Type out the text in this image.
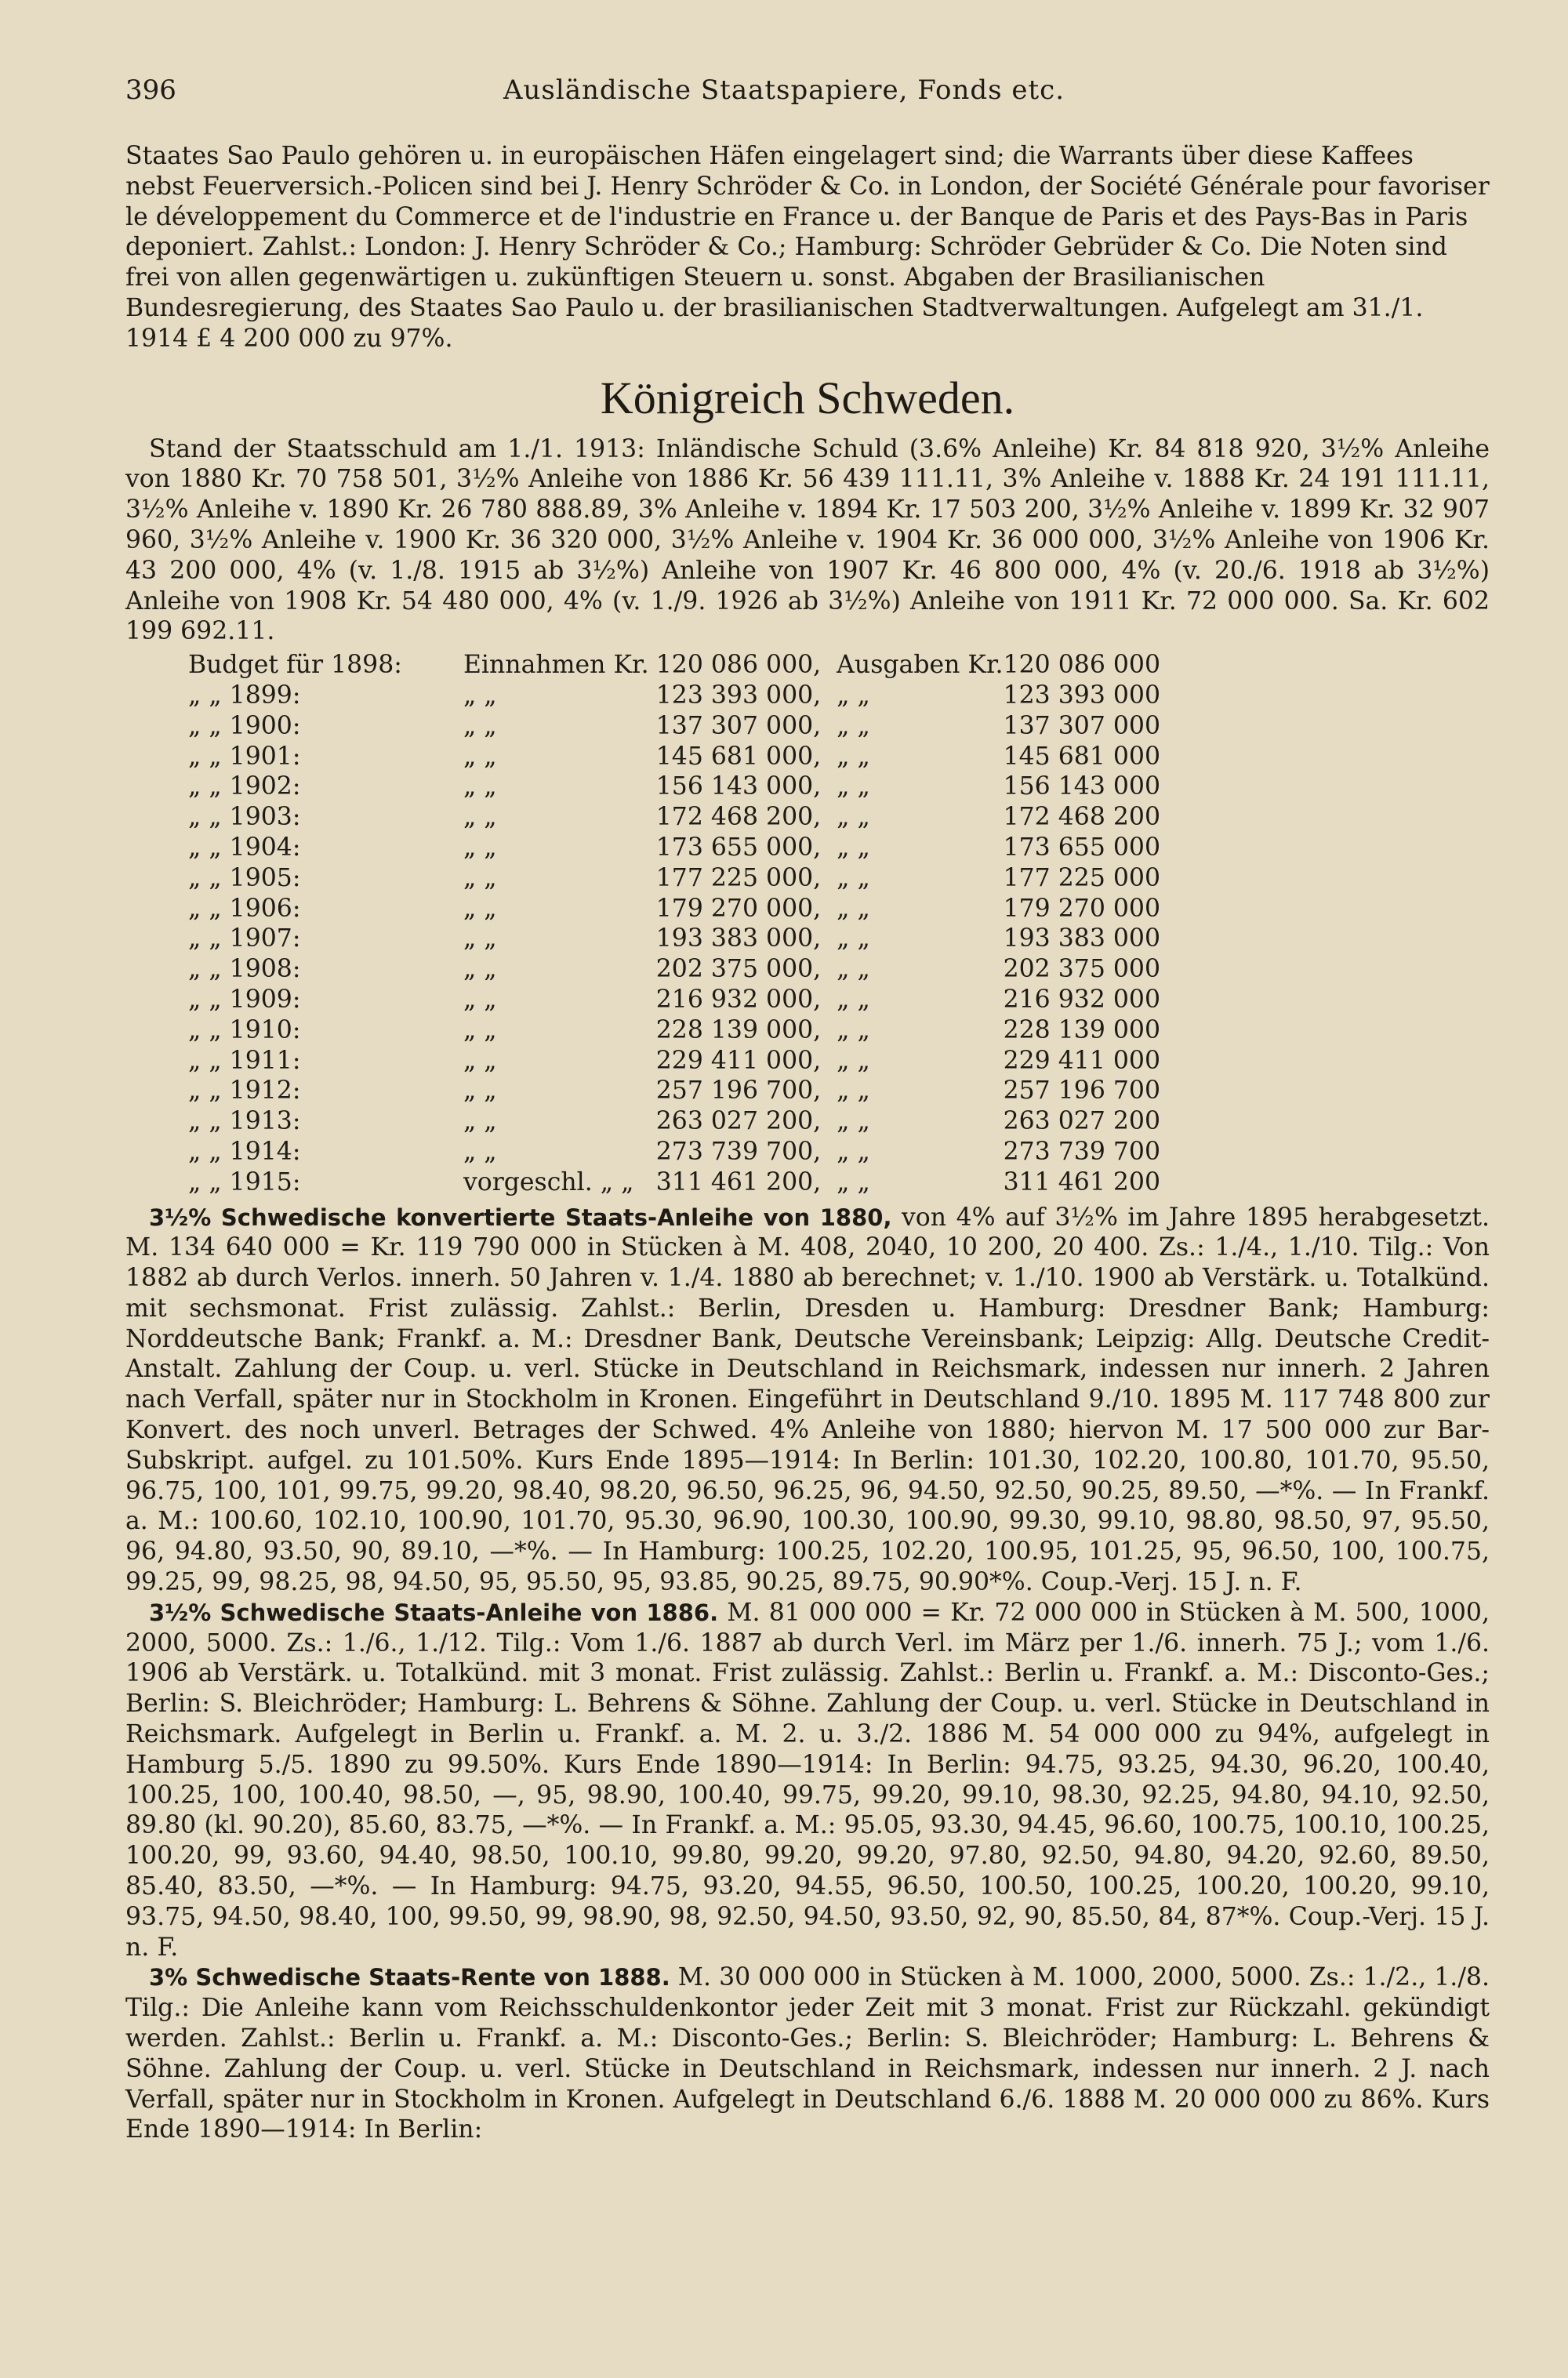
396	Ausländische Staatspapiere, Fonds etc.

Staates Sao Paulo gehören u. in europäischen Häfen eingelagert sind; die Warrants über diese Kaffees nebst Feuerversich.-Policen sind bei J. Henry Schröder & Co. in London, der Société Générale pour favoriser le développement du Commerce et de l'industrie en France u. der Banque de Paris et des Pays-Bas in Paris deponiert. Zahlst.: London: J. Henry Schröder & Co.; Hamburg: Schröder Gebrüder & Co. Die Noten sind frei von allen gegenwärtigen u. zukünftigen Steuern u. sonst. Abgaben der Brasilianischen Bundesregierung, des Staates Sao Paulo u. der brasilianischen Stadtverwaltungen. Aufgelegt am 31./1. 1914 £ 4 200 000 zu 97%.

Königreich Schweden.

Stand der Staatsschuld am 1./1. 1913: Inländische Schuld (3.6% Anleihe) Kr. 84 818 920, 3½% Anleihe von 1880 Kr. 70 758 501, 3½% Anleihe von 1886 Kr. 56 439 111.11, 3% Anleihe v. 1888 Kr. 24 191 111.11, 3½% Anleihe v. 1890 Kr. 26 780 888.89, 3% Anleihe v. 1894 Kr. 17 503 200, 3½% Anleihe v. 1899 Kr. 32 907 960, 3½% Anleihe v. 1900 Kr. 36 320 000, 3½% Anleihe v. 1904 Kr. 36 000 000, 3½% Anleihe von 1906 Kr. 43 200 000, 4% (v. 1./8. 1915 ab 3½%) Anleihe von 1907 Kr. 46 800 000, 4% (v. 20./6. 1918 ab 3½%) Anleihe von 1908 Kr. 54 480 000, 4% (v. 1./9. 1926 ab 3½%) Anleihe von 1911 Kr. 72 000 000. Sa. Kr. 602 199 692.11.

Budget für 1898:	Einnahmen Kr.	120 086 000,	Ausgaben Kr.	120 086 000
„ „ 1899:	„ „	123 393 000,	„ „	123 393 000
„ „ 1900:	„ „	137 307 000,	„ „	137 307 000
„ „ 1901:	„ „	145 681 000,	„ „	145 681 000
„ „ 1902:	„ „	156 143 000,	„ „	156 143 000
„ „ 1903:	„ „	172 468 200,	„ „	172 468 200
„ „ 1904:	„ „	173 655 000,	„ „	173 655 000
„ „ 1905:	„ „	177 225 000,	„ „	177 225 000
„ „ 1906:	„ „	179 270 000,	„ „	179 270 000
„ „ 1907:	„ „	193 383 000,	„ „	193 383 000
„ „ 1908:	„ „	202 375 000,	„ „	202 375 000
„ „ 1909:	„ „	216 932 000,	„ „	216 932 000
„ „ 1910:	„ „	228 139 000,	„ „	228 139 000
„ „ 1911:	„ „	229 411 000,	„ „	229 411 000
„ „ 1912:	„ „	257 196 700,	„ „	257 196 700
„ „ 1913:	„ „	263 027 200,	„ „	263 027 200
„ „ 1914:	„ „	273 739 700,	„ „	273 739 700
„ „ 1915:	vorgeschl. „ „	311 461 200,	„ „	311 461 200

3½% Schwedische konvertierte Staats-Anleihe von 1880, von 4% auf 3½% im Jahre 1895 herabgesetzt. M. 134 640 000 = Kr. 119 790 000 in Stücken à M. 408, 2040, 10 200, 20 400. Zs.: 1./4., 1./10. Tilg.: Von 1882 ab durch Verlos. innerh. 50 Jahren v. 1./4. 1880 ab berechnet; v. 1./10. 1900 ab Verstärk. u. Totalkünd. mit sechsmonat. Frist zulässig. Zahlst.: Berlin, Dresden u. Hamburg: Dresdner Bank; Hamburg: Norddeutsche Bank; Frankf. a. M.: Dresdner Bank, Deutsche Vereinsbank; Leipzig: Allg. Deutsche Credit-Anstalt. Zahlung der Coup. u. verl. Stücke in Deutschland in Reichsmark, indessen nur innerh. 2 Jahren nach Verfall, später nur in Stockholm in Kronen. Eingeführt in Deutschland 9./10. 1895 M. 117 748 800 zur Konvert. des noch unverl. Betrages der Schwed. 4% Anleihe von 1880; hiervon M. 17 500 000 zur Bar-Subskript. aufgel. zu 101.50%. Kurs Ende 1895—1914: In Berlin: 101.30, 102.20, 100.80, 101.70, 95.50, 96.75, 100, 101, 99.75, 99.20, 98.40, 98.20, 96.50, 96.25, 96, 94.50, 92.50, 90.25, 89.50, —*%. — In Frankf. a. M.: 100.60, 102.10, 100.90, 101.70, 95.30, 96.90, 100.30, 100.90, 99.30, 99.10, 98.80, 98.50, 97, 95.50, 96, 94.80, 93.50, 90, 89.10, —*%. — In Hamburg: 100.25, 102.20, 100.95, 101.25, 95, 96.50, 100, 100.75, 99.25, 99, 98.25, 98, 94.50, 95, 95.50, 95, 93.85, 90.25, 89.75, 90.90*%. Coup.-Verj. 15 J. n. F.

3½% Schwedische Staats-Anleihe von 1886. M. 81 000 000 = Kr. 72 000 000 in Stücken à M. 500, 1000, 2000, 5000. Zs.: 1./6., 1./12. Tilg.: Vom 1./6. 1887 ab durch Verl. im März per 1./6. innerh. 75 J.; vom 1./6. 1906 ab Verstärk. u. Totalkünd. mit 3 monat. Frist zulässig. Zahlst.: Berlin u. Frankf. a. M.: Disconto-Ges.; Berlin: S. Bleichröder; Hamburg: L. Behrens & Söhne. Zahlung der Coup. u. verl. Stücke in Deutschland in Reichsmark. Aufgelegt in Berlin u. Frankf. a. M. 2. u. 3./2. 1886 M. 54 000 000 zu 94%, aufgelegt in Hamburg 5./5. 1890 zu 99.50%. Kurs Ende 1890—1914: In Berlin: 94.75, 93.25, 94.30, 96.20, 100.40, 100.25, 100, 100.40, 98.50, —, 95, 98.90, 100.40, 99.75, 99.20, 99.10, 98.30, 92.25, 94.80, 94.10, 92.50, 89.80 (kl. 90.20), 85.60, 83.75, —*%. — In Frankf. a. M.: 95.05, 93.30, 94.45, 96.60, 100.75, 100.10, 100.25, 100.20, 99, 93.60, 94.40, 98.50, 100.10, 99.80, 99.20, 99.20, 97.80, 92.50, 94.80, 94.20, 92.60, 89.50, 85.40, 83.50, —*%. — In Hamburg: 94.75, 93.20, 94.55, 96.50, 100.50, 100.25, 100.20, 100.20, 99.10, 93.75, 94.50, 98.40, 100, 99.50, 99, 98.90, 98, 92.50, 94.50, 93.50, 92, 90, 85.50, 84, 87*%. Coup.-Verj. 15 J. n. F.

3% Schwedische Staats-Rente von 1888. M. 30 000 000 in Stücken à M. 1000, 2000, 5000. Zs.: 1./2., 1./8. Tilg.: Die Anleihe kann vom Reichsschuldenkontor jeder Zeit mit 3 monat. Frist zur Rückzahl. gekündigt werden. Zahlst.: Berlin u. Frankf. a. M.: Disconto-Ges.; Berlin: S. Bleichröder; Hamburg: L. Behrens & Söhne. Zahlung der Coup. u. verl. Stücke in Deutschland in Reichsmark, indessen nur innerh. 2 J. nach Verfall, später nur in Stockholm in Kronen. Aufgelegt in Deutschland 6./6. 1888 M. 20 000 000 zu 86%. Kurs Ende 1890—1914: In Berlin:
